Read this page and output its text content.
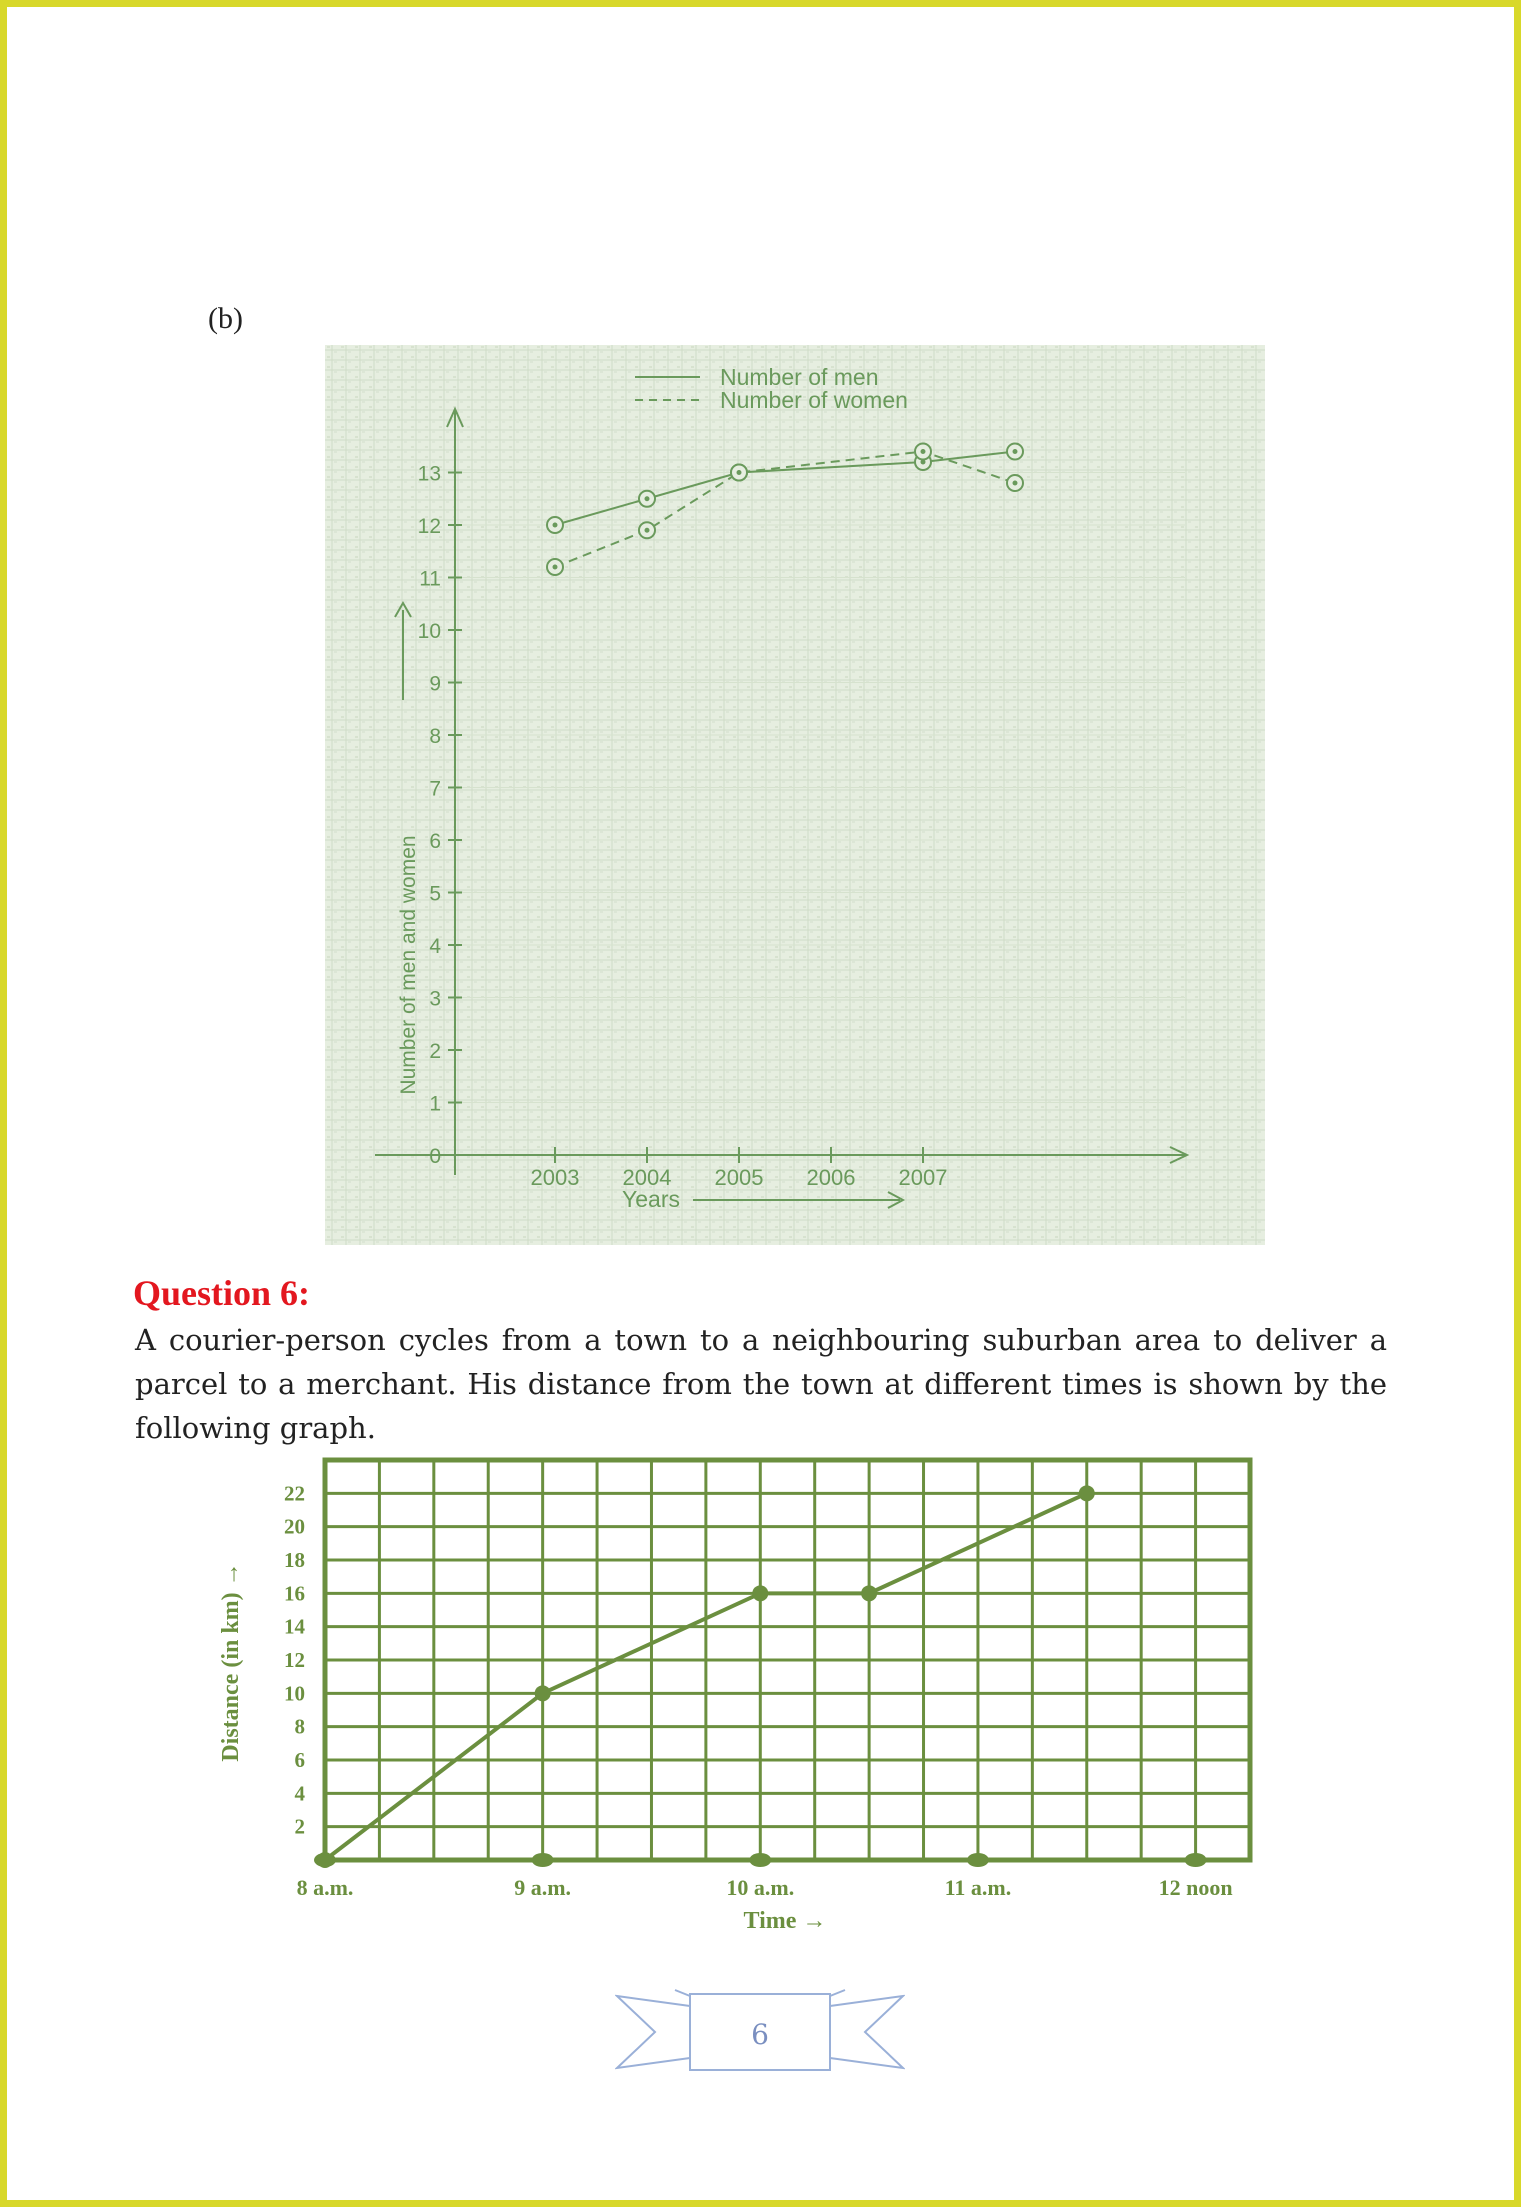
(b)
0
1
2
3
4
5
6
7
8
9
10
11
12
13
2003 2004 2005 2006 2007
Number of men
Number of women
Number of men and women
Years
Question 6:
A courier-person cycles from a town to a neighbouring suburban area to deliver a parcel to a merchant. His distance from the town at different times is shown by the following graph.
2
4
6
8
10
12
14
16
18
20
22
8 a.m.	9 a.m.	10 a.m.	11 a.m.	12 noon
Distance (in km) →
Time →
6
